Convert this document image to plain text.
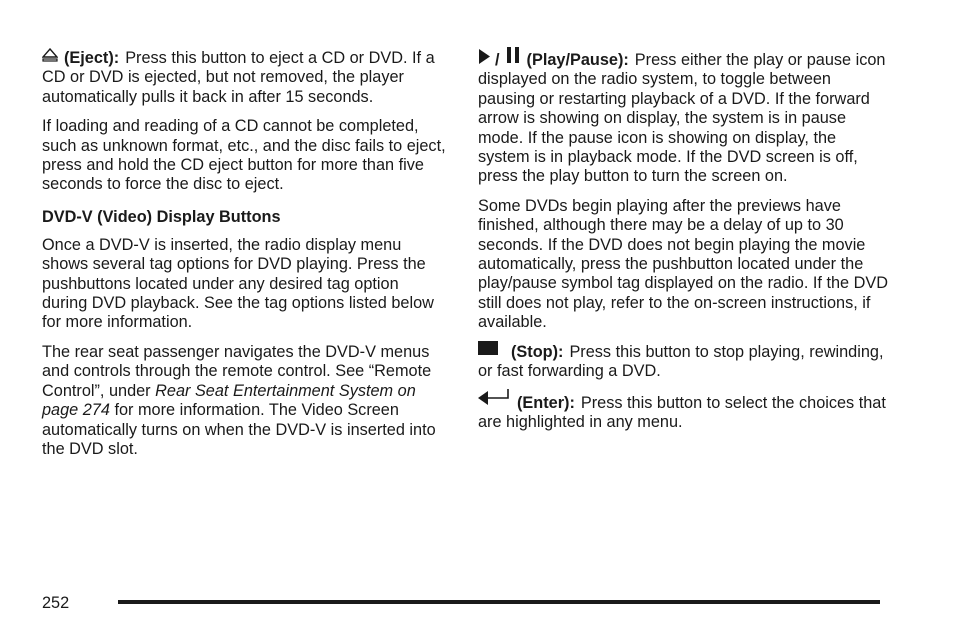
(Eject): Press this button to eject a CD or DVD. If a CD or DVD is ejected, but not removed, the player automatically pulls it back in after 15 seconds.

If loading and reading of a CD cannot be completed, such as unknown format, etc., and the disc fails to eject, press and hold the CD eject button for more than five seconds to force the disc to eject.

DVD-V (Video) Display Buttons

Once a DVD-V is inserted, the radio display menu shows several tag options for DVD playing. Press the pushbuttons located under any desired tag option during DVD playback. See the tag options listed below for more information.

The rear seat passenger navigates the DVD-V menus and controls through the remote control. See “Remote Control”, under Rear Seat Entertainment System on page 274 for more information. The Video Screen automatically turns on when the DVD-V is inserted into the DVD slot.

/ (Play/Pause): Press either the play or pause icon displayed on the radio system, to toggle between pausing or restarting playback of a DVD. If the forward arrow is showing on display, the system is in pause mode. If the pause icon is showing on display, the system is in playback mode. If the DVD screen is off, press the play button to turn the screen on.

Some DVDs begin playing after the previews have finished, although there may be a delay of up to 30 seconds. If the DVD does not begin playing the movie automatically, press the pushbutton located under the play/pause symbol tag displayed on the radio. If the DVD still does not play, refer to the on-screen instructions, if available.

(Stop): Press this button to stop playing, rewinding, or fast forwarding a DVD.

(Enter): Press this button to select the choices that are highlighted in any menu.

252
